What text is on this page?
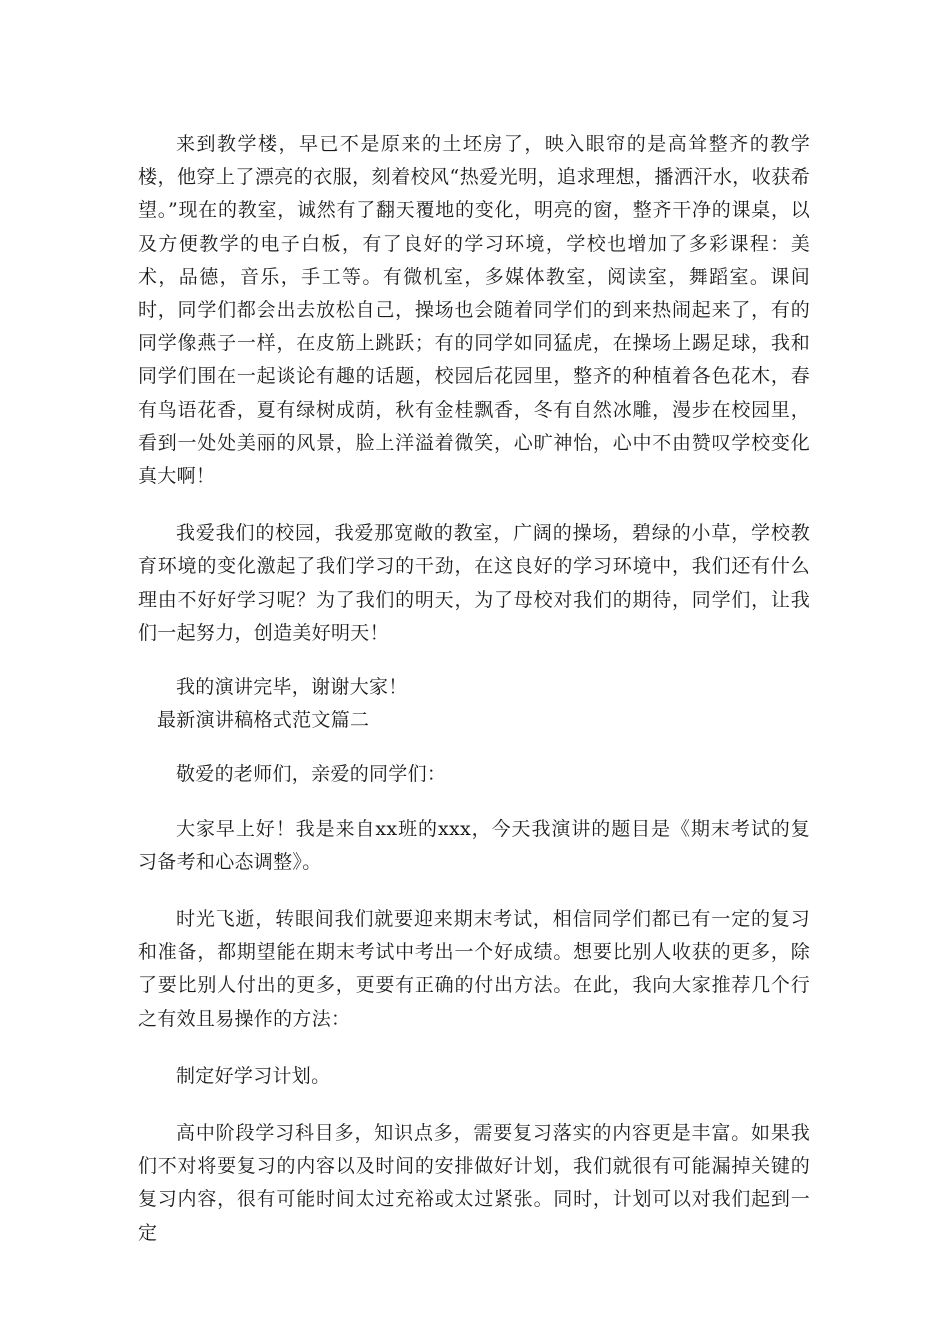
来到教学楼，早已不是原来的土坯房了，映入眼帘的是高耸整齐的教学楼，他穿上了漂亮的衣服，刻着校风“热爱光明，追求理想，播洒汗水，收获希望。”现在的教室，诚然有了翻天覆地的变化，明亮的窗，整齐干净的课桌，以及方便教学的电子白板，有了良好的学习环境，学校也增加了多彩课程：美术，品德，音乐，手工等。有微机室，多媒体教室，阅读室，舞蹈室。课间时，同学们都会出去放松自己，操场也会随着同学们的到来热闹起来了，有的同学像燕子一样，在皮筋上跳跃；有的同学如同猛虎，在操场上踢足球，我和同学们围在一起谈论有趣的话题，校园后花园里，整齐的种植着各色花木，春有鸟语花香，夏有绿树成荫，秋有金桂飘香，冬有自然冰雕，漫步在校园里，看到一处处美丽的风景，脸上洋溢着微笑，心旷神怡，心中不由赞叹学校变化真大啊！

我爱我们的校园，我爱那宽敞的教室，广阔的操场，碧绿的小草，学校教育环境的变化激起了我们学习的干劲，在这良好的学习环境中，我们还有什么理由不好好学习呢？为了我们的明天，为了母校对我们的期待，同学们，让我们一起努力，创造美好明天！

我的演讲完毕，谢谢大家！

最新演讲稿格式范文篇二

敬爱的老师们，亲爱的同学们：

大家早上好！我是来自xx班的xxx，今天我演讲的题目是《期末考试的复习备考和心态调整》。

时光飞逝，转眼间我们就要迎来期末考试，相信同学们都已有一定的复习和准备，都期望能在期末考试中考出一个好成绩。想要比别人收获的更多，除了要比别人付出的更多，更要有正确的付出方法。在此，我向大家推荐几个行之有效且易操作的方法：

制定好学习计划。

高中阶段学习科目多，知识点多，需要复习落实的内容更是丰富。如果我们不对将要复习的内容以及时间的安排做好计划，我们就很有可能漏掉关键的复习内容，很有可能时间太过充裕或太过紧张。同时，计划可以对我们起到一定
